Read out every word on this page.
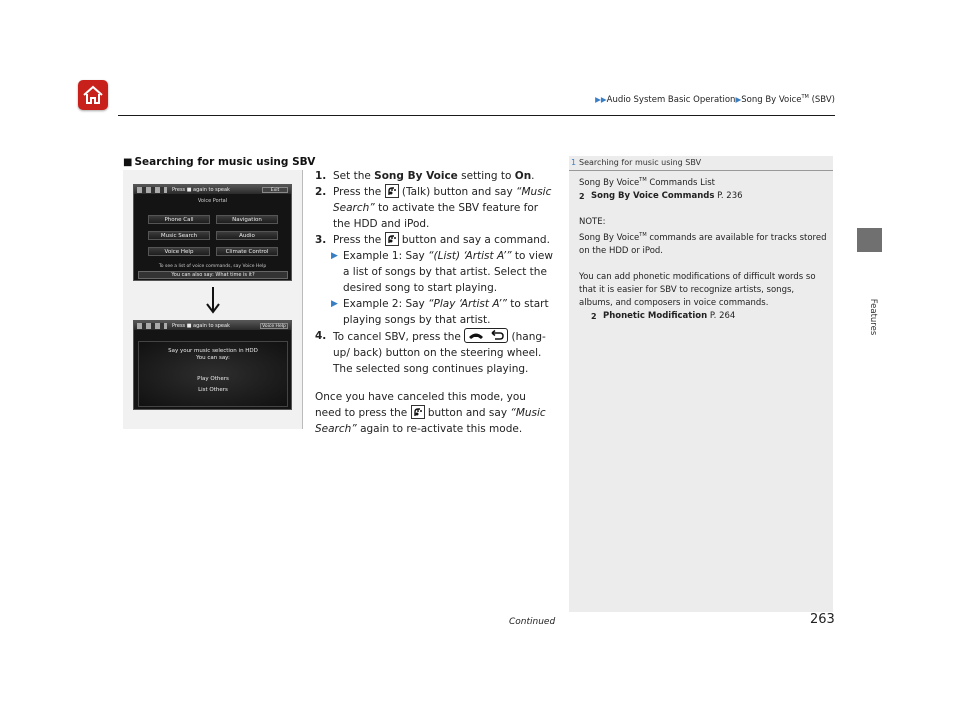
▶▶Audio System Basic Operation▶Song By Voice™ (SBV)
Features
■ Searching for music using SBV
Press ■ again to speak	Exit
Voice Portal
Phone Call	Navigation
Music Search	Audio
Voice Help	Climate Control
To see a list of voice commands, say Voice Help
You can also say: What time is it?
Press ■ again to speak	Voice Help
Say your music selection in HDD
You can say:
Play Others
List Others
1. Set the Song By Voice setting to On.
2. Press the
(Talk) button and say “Music Search” to activate the SBV feature for the HDD and iPod.
3. Press the
button and say a command.
▶ Example 1: Say “(List) ‘Artist A’” to view a list of songs by that artist. Select the desired song to start playing.
▶ Example 2: Say “Play ‘Artist A’” to start playing songs by that artist.
4. To cancel SBV, press the	(hang-up/ back) button on the steering wheel. The selected song continues playing.
Once you have canceled this mode, you need to press the
button and say “Music Search” again to re-activate this mode.
1 Searching for music using SBV
Song By Voice™ Commands List
2 Song By Voice Commands P. 236
NOTE:
Song By Voice™ commands are available for tracks stored on the HDD or iPod.
You can add phonetic modifications of difficult words so that it is easier for SBV to recognize artists, songs, albums, and composers in voice commands.
2 Phonetic Modification P. 264
Continued	263
